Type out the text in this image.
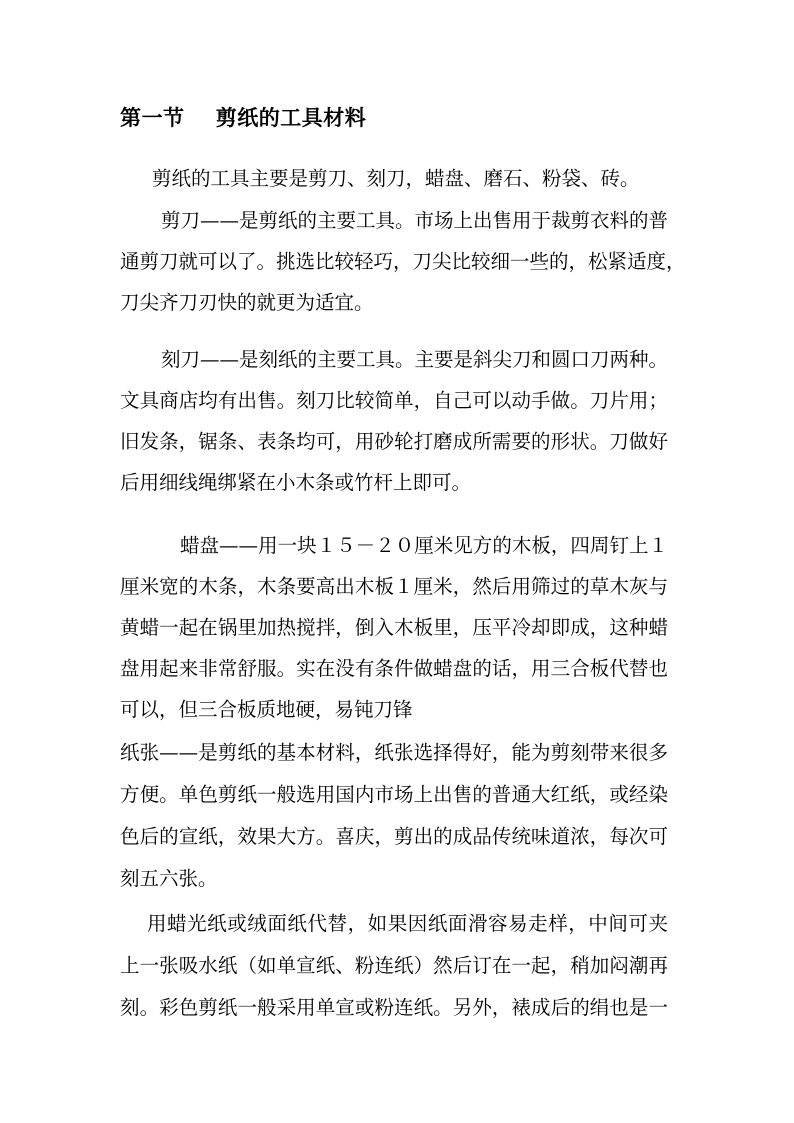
第一节    剪纸的工具材料

剪纸的工具主要是剪刀、刻刀，蜡盘、磨石、粉袋、砖。

剪刀——是剪纸的主要工具。市场上出售用于裁剪衣料的普

通剪刀就可以了。挑选比较轻巧，刀尖比较细一些的，松紧适度，

刀尖齐刀刃快的就更为适宜。

刻刀——是刻纸的主要工具。主要是斜尖刀和圆口刀两种。

文具商店均有出售。刻刀比较简单，自己可以动手做。刀片用；

旧发条，锯条、表条均可，用砂轮打磨成所需要的形状。刀做好

后用细线绳绑紧在小木条或竹杆上即可。

蜡盘——用一块１５－２０厘米见方的木板，四周钉上１

厘米宽的木条，木条要高出木板１厘米，然后用筛过的草木灰与

黄蜡一起在锅里加热搅拌，倒入木板里，压平冷却即成，这种蜡

盘用起来非常舒服。实在没有条件做蜡盘的话，用三合板代替也

可以，但三合板质地硬，易钝刀锋

纸张——是剪纸的基本材料，纸张选择得好，能为剪刻带来很多

方便。单色剪纸一般选用国内市场上出售的普通大红纸，或经染

色后的宣纸，效果大方。喜庆，剪出的成品传统味道浓，每次可

刻五六张。

用蜡光纸或绒面纸代替，如果因纸面滑容易走样，中间可夹

上一张吸水纸（如单宣纸、粉连纸）然后订在一起，稍加闷潮再

刻。彩色剪纸一般采用单宣或粉连纸。另外，裱成后的绢也是一
